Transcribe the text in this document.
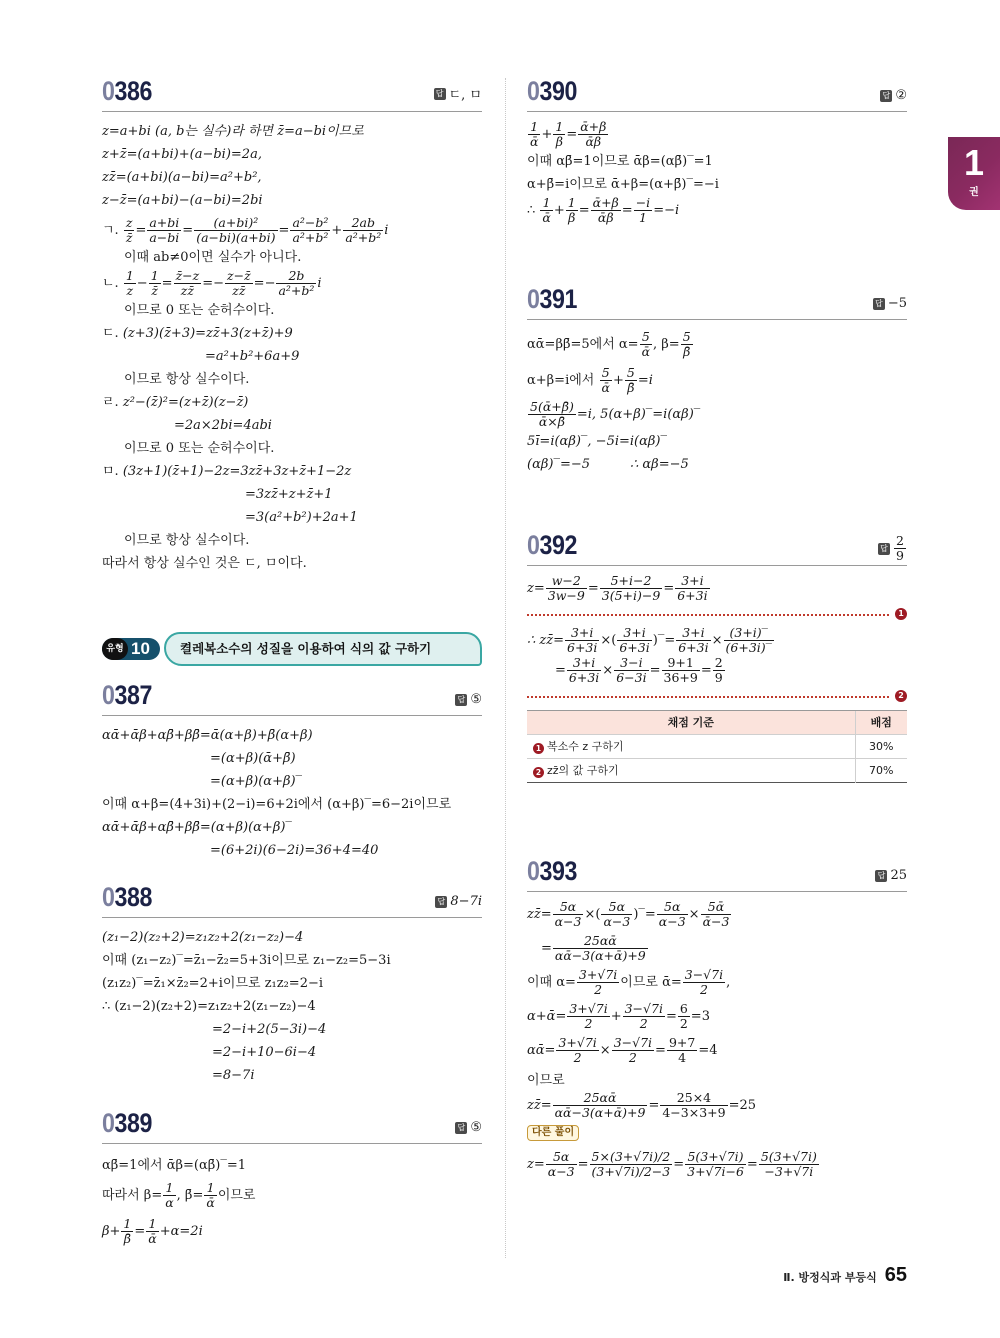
0386	답 ㄷ, ㅁ
z=a+bi (a, b는 실수)라 하면 z̄=a−bi이므로
z+z̄=(a+bi)+(a−bi)=2a,
zz̄=(a+bi)(a−bi)=a²+b²,
z−z̄=(a+bi)−(a−bi)=2bi
ㄱ. $\frac{z}{z̄} = \frac{a+bi}{a-bi} = \frac{\text{(a+bi)²}}{(a-bi)(a+bi)} = \frac{\text{a²−b²}}{\text{a²+b²}} + \frac{2ab}{\text{a²+b²}}$ i
이때 ab≠0이면 실수가 아니다.
ㄴ. $\frac{1}{z} - \frac{1}{z̄} = \frac{z̄-z}{zz̄} =- \frac{z-z̄}{zz̄} =- \frac{2b}{\text{a²+b²}}$ i
이므로 0 또는 순허수이다.
ㄷ. (z+3)(z̄+3)=zz̄+3(z+z̄)+9
=a²+b²+6a+9
이므로 항상 실수이다.
ㄹ. z²−(z̄)²=(z+z̄)(z−z̄)
=2a×2bi=4abi
이므로 0 또는 순허수이다.
ㅁ. (3z+1)(z̄+1)−2z=3zz̄+3z+z̄+1−2z
=3zz̄+z+z̄+1
=3(a²+b²)+2a+1
이므로 항상 실수이다.
따라서 항상 실수인 것은 ㄷ, ㅁ이다.
유형 10	켤레복소수의 성질을 이용하여 식의 값 구하기
0387	답 ⑤
αᾱ+ᾱβ+αβ̄+ββ̄=ᾱ(α+β)+β̄(α+β)
=(α+β)(ᾱ+β̄)
=(α+β)(α+β)‾
이때 α+β=(4+3i)+(2−i)=6+2i에서 (α+β)‾=6−2i이므로
αᾱ+ᾱβ+αβ̄+ββ̄=(α+β)(α+β)‾
=(6+2i)(6−2i)=36+4=40
0388	답 8−7i
(z₁−2)(z₂+2)=z₁z₂+2(z₁−z₂)−4
이때 (z₁−z₂)‾=z̄₁−z̄₂=5+3i이므로 z₁−z₂=5−3i
(z₁z₂)‾=z̄₁×z̄₂=2+i이므로 z₁z₂=2−i
∴ (z₁−2)(z₂+2)=z₁z₂+2(z₁−z₂)−4
=2−i+2(5−3i)−4
=2−i+10−6i−4
=8−7i
0389	답 ⑤
αβ̄=1에서 ᾱβ=(αβ̄)‾=1
따라서 $\beta= \frac{1}{\alpha}$ , β̄= $\frac{1}{\text{ᾱ}}$ 이므로
$\beta+ \frac{1}{\betā} = \frac{1}{\text{ᾱ}} +\alpha=2i$
0390	답 ②
$\frac{1}{\text{ᾱ}} + \frac{1}{\beta} = \frac{\text{ᾱ+β}}{\text{ᾱβ}}$
이때 αβ̄=1이므로 ᾱβ=(αβ̄)‾=1
α+β̄=i이므로 ᾱ+β=(α+β̄)‾=−i
∴ $\frac{1}{\text{ᾱ}} + \frac{1}{\beta} = \frac{\text{ᾱ+β}}{\text{ᾱβ}} = \frac{-i}{1} =-i$
0391	답 −5
αᾱ=ββ̄=5에서 $\alpha= \frac{5}{\text{ᾱ}}$ , $\beta= \frac{5}{\betā}$
α+β=i에서 $\frac{5}{\text{ᾱ}} + \frac{5}{\betā} =i$
$\frac{\text{5(ᾱ+β̄)}}{\text{ᾱ×β̄}} =i$, 5(α+β)‾=i(αβ)‾
5ī=i(αβ)‾, −5i=i(αβ)‾
(αβ)‾=−5	∴ αβ=−5
0392	답 $\frac{2}{9}$
$z= \frac{w-2}{3w-9} = \frac{5+i-2}{3(5+i)-9} = \frac{3+i}{6+3i}$
1
∴ zz̄= $\frac{3+i}{6+3i}$ ×( $\frac{3+i}{6+3i}$ )‾= $\frac{3+i}{6+3i} \times \frac{(3+i)‾}{(6+3i)‾}$
= $\frac{3+i}{6+3i} \times \frac{3-i}{6-3i} = \frac{9+1}{36+9} = \frac{2}{9}$
2
채점 기준	배점
1 복소수 z 구하기	30%
2 zz̄의 값 구하기	70%
0393	답 25
zz̄= $\frac{5\alpha}{\alpha-3}$ ×( $\frac{5\alpha}{\alpha-3}$ )‾= $\frac{5\alpha}{\alpha-3} \times \frac{\text{5ᾱ}}{\text{ᾱ−3}}$
= $\frac{\text{25αᾱ}}{\text{αᾱ−3(α+ᾱ)+9}}$
이때 $\alpha= \frac{3+√7i}{2}$ 이므로 ᾱ= $\frac{3-√7i}{2}$ ,
α+ᾱ= $\frac{3+√7i}{2} + \frac{3-√7i}{2} = \frac{6}{2} =3$
αᾱ= $\frac{3+√7i}{2} \times \frac{3-√7i}{2} = \frac{9+7}{4} =4$
이므로
zz̄= $\frac{\text{25αᾱ}}{\text{αᾱ−3(α+ᾱ)+9}} = \frac{25\times 4}{4-3\times 3+9} =25$
다른 풀이
$z= \frac{5\alpha}{\alpha-3} = \frac{5\times(3+√7i)/2}{(3+√7i)/2-3} = \frac{5(3+√7i)}{3+√7i-6} = \frac{5(3+√7i)}{-3+√7i}$
1
권
Ⅱ. 방정식과 부등식 65
